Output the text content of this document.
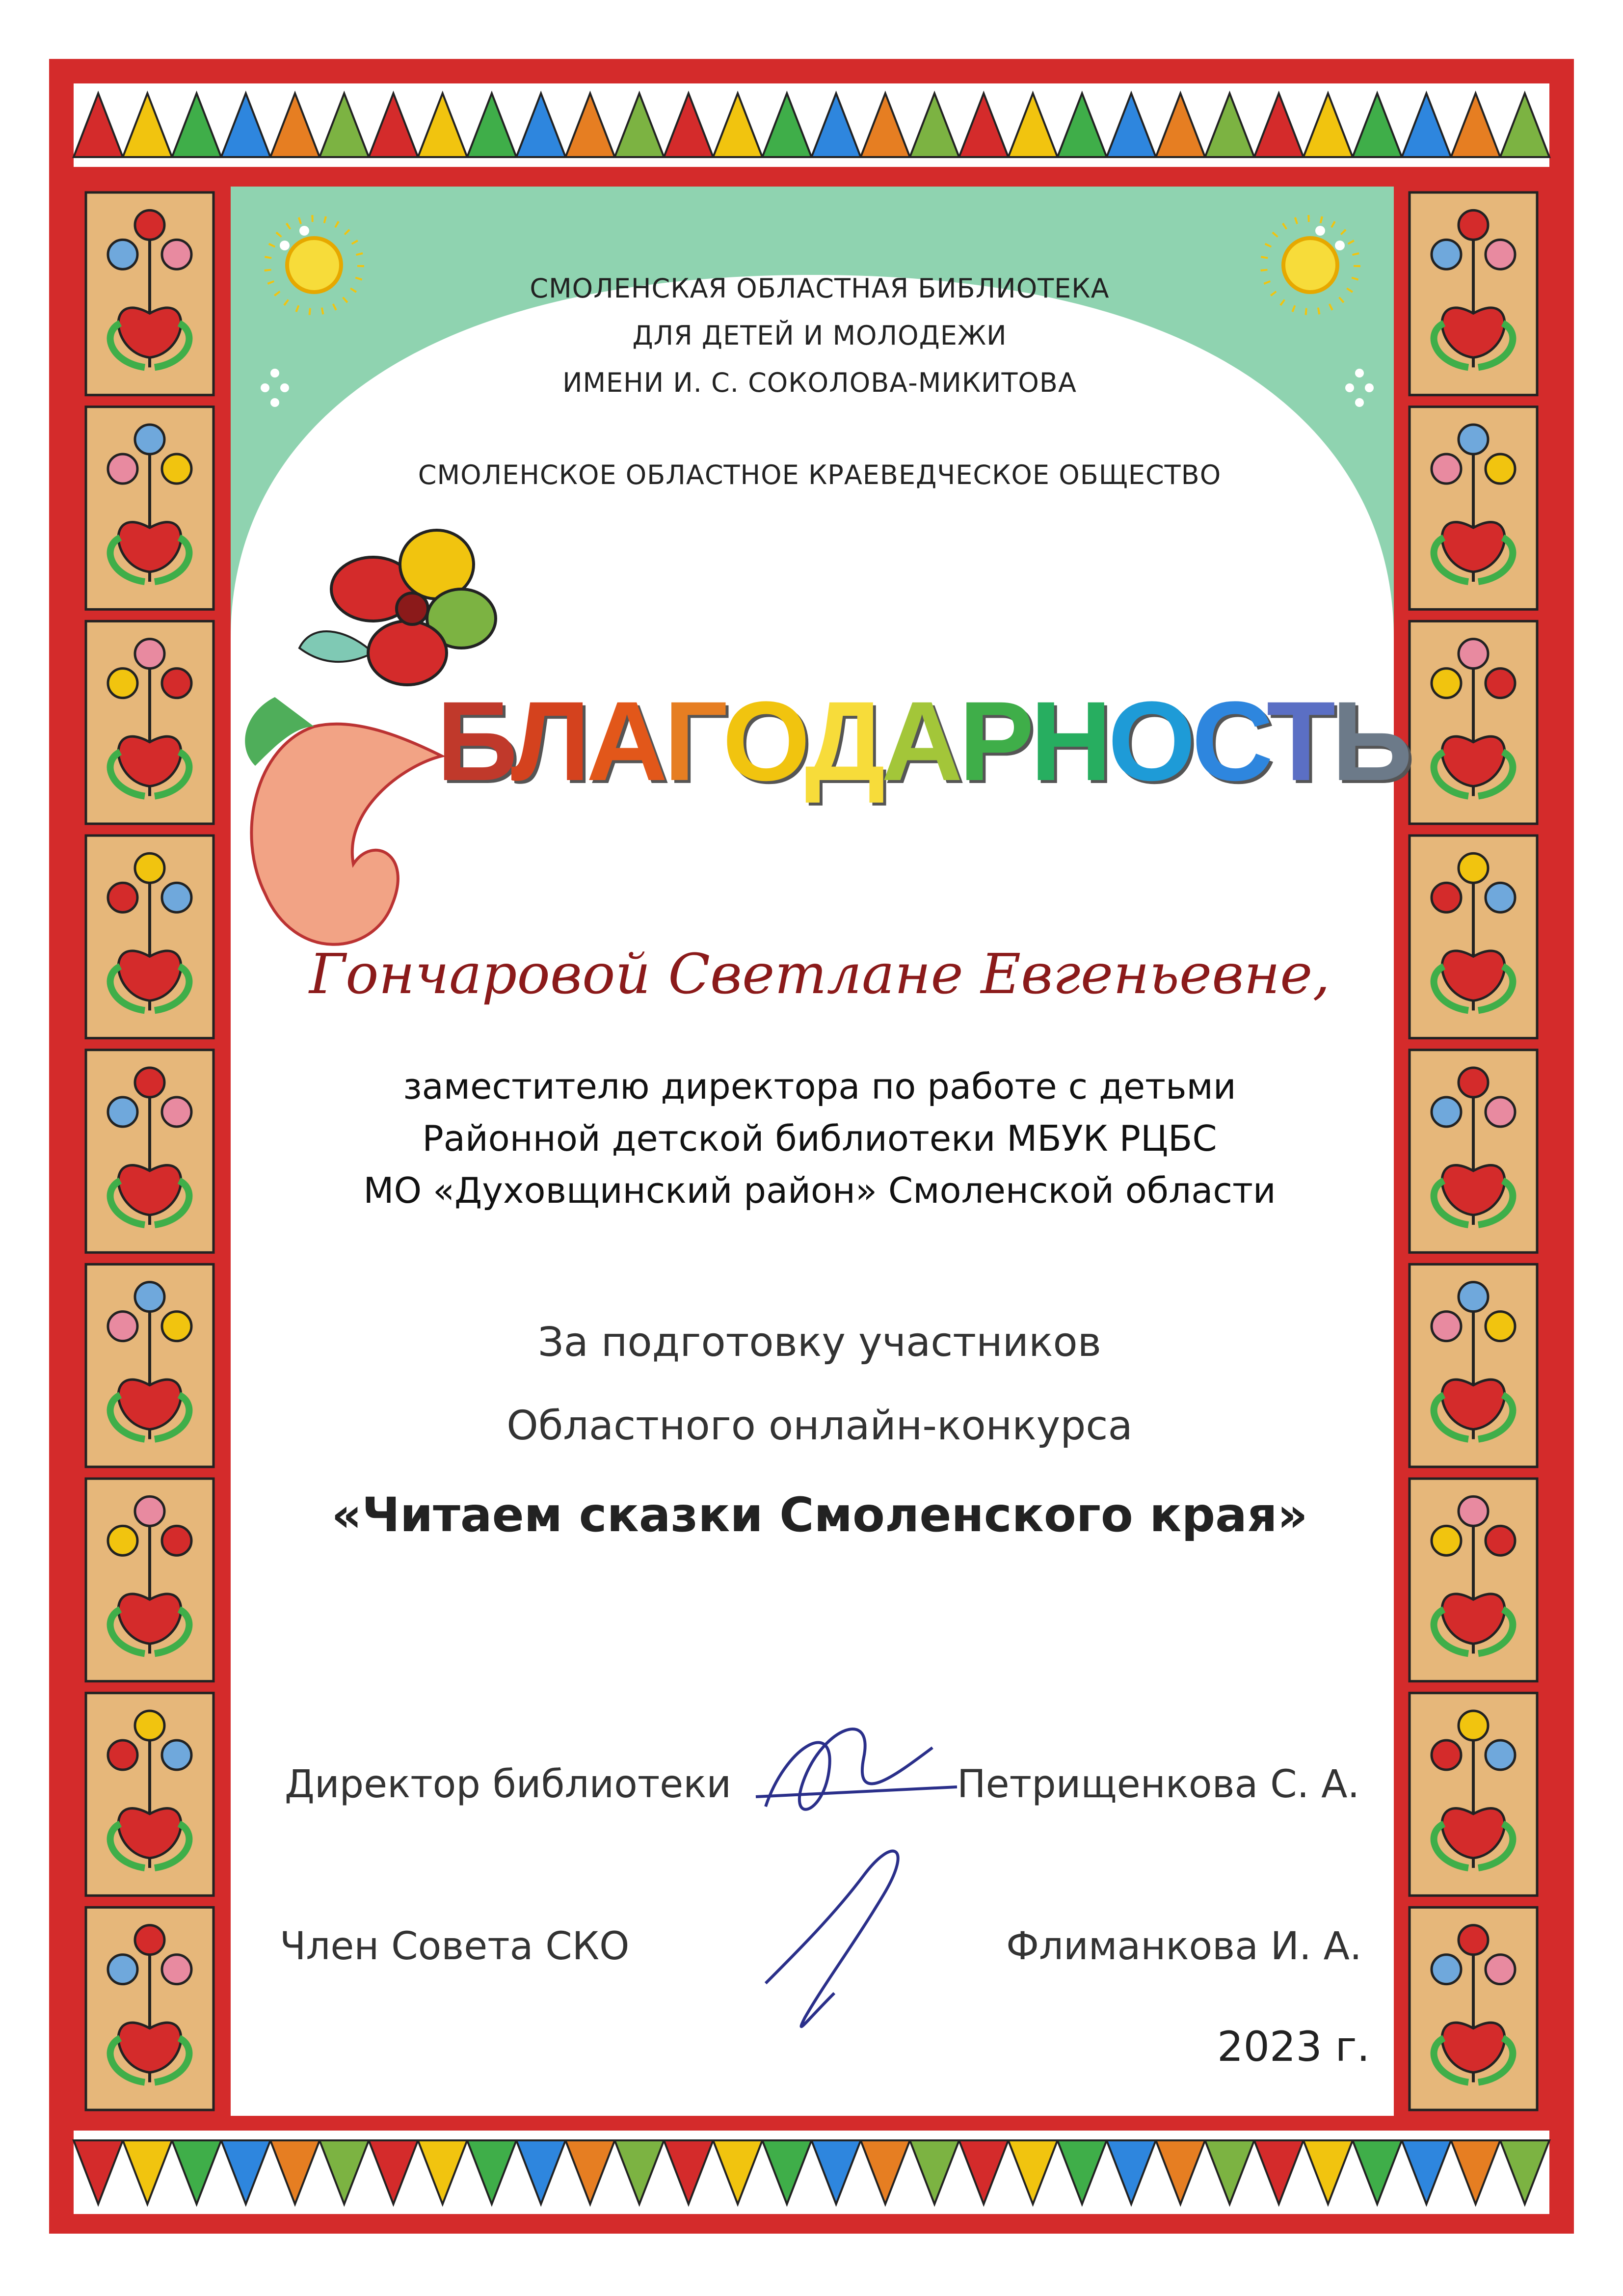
СМОЛЕНСКАЯ ОБЛАСТНАЯ БИБЛИОТЕКА
ДЛЯ ДЕТЕЙ И МОЛОДЕЖИ
ИМЕНИ И. С. СОКОЛОВА-МИКИТОВА
СМОЛЕНСКОЕ ОБЛАСТНОЕ КРАЕВЕДЧЕСКОЕ ОБЩЕСТВО
БЛАГОДАРНОСТЬ
Гончаровой Светлане Евгеньевне,
заместителю директора по работе с детьми
Районной детской библиотеки МБУК РЦБС
МО «Духовщинский район» Смоленской области
За подготовку участников
Областного онлайн-конкурса
«Читаем сказки Смоленского края»
Директор библиотеки	Петрищенкова С. А.
Член Совета СКО	Флиманкова И. А.
2023 г.
